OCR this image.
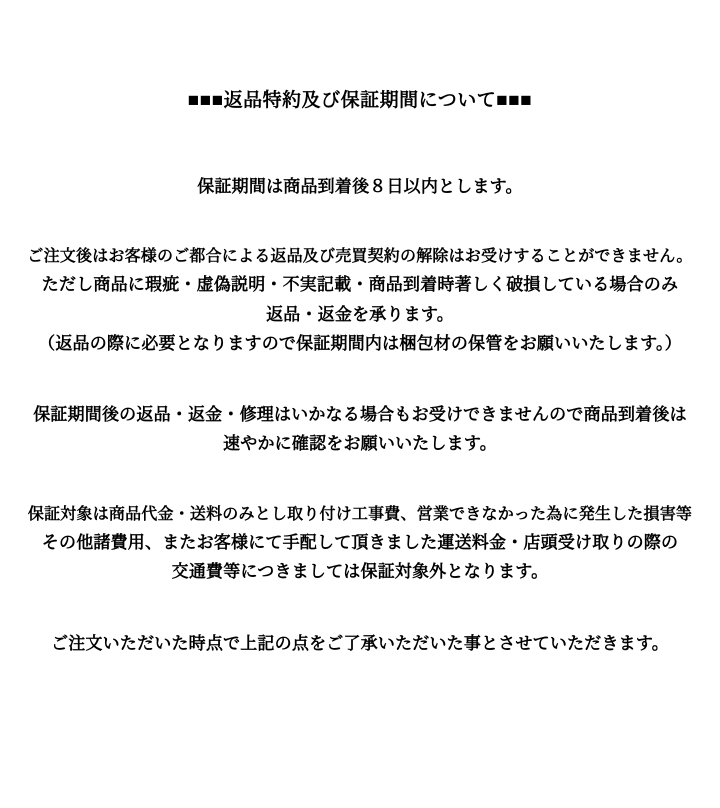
■■■返品特約及び保証期間について■■■
保証期間は商品到着後８日以内とします。
ご注文後はお客様のご都合による返品及び売買契約の解除はお受けすることができません。
ただし商品に瑕疵・虚偽説明・不実記載・商品到着時著しく破損している場合のみ
返品・返金を承ります。
（返品の際に必要となりますので保証期間内は梱包材の保管をお願いいたします。）
保証期間後の返品・返金・修理はいかなる場合もお受けできませんので商品到着後は
速やかに確認をお願いいたします。
保証対象は商品代金・送料のみとし取り付け工事費、営業できなかった為に発生した損害等
その他諸費用、またお客様にて手配して頂きました運送料金・店頭受け取りの際の
交通費等につきましては保証対象外となります。
ご注文いただいた時点で上記の点をご了承いただいた事とさせていただきます。
